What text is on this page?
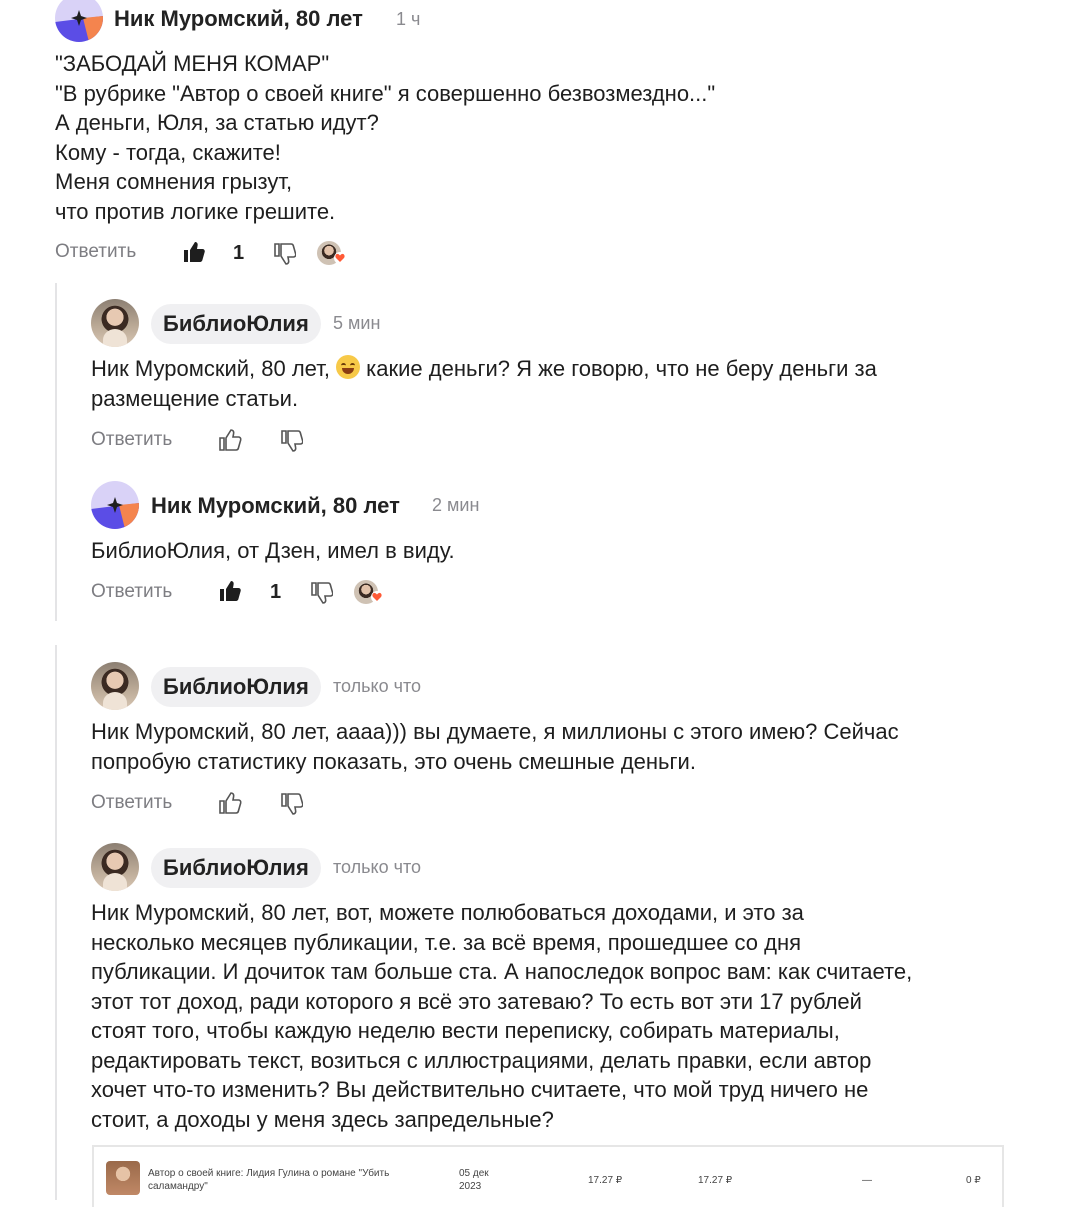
Ник Муромский, 80 лет 1 ч
"ЗАБОДАЙ МЕНЯ КОМАР"
"В рубрике "Автор о своей книге" я совершенно безвозмездно..."
А деньги, Юля, за статью идут?
Кому - тогда, скажите!
Меня сомнения грызут,
что против логике грешите.
Ответить	1
БиблиоЮлия	5 мин
Ник Муромский, 80 лет,
какие деньги? Я же говорю, что не беру деньги за
размещение статьи.
Ответить
Ник Муромский, 80 лет 2 мин
БиблиоЮлия, от Дзен, имел в виду.
Ответить	1
БиблиоЮлия	только что
Ник Муромский, 80 лет, аааа))) вы думаете, я миллионы с этого имею? Сейчас
попробую статистику показать, это очень смешные деньги.
Ответить
БиблиоЮлия	только что
Ник Муромский, 80 лет, вот, можете полюбоваться доходами, и это за
несколько месяцев публикации, т.е. за всё время, прошедшее со дня
публикации. И дочиток там больше ста. А напоследок вопрос вам: как считаете,
этот тот доход, ради которого я всё это затеваю? То есть вот эти 17 рублей
стоят того, чтобы каждую неделю вести переписку, собирать материалы,
редактировать текст, возиться с иллюстрациями, делать правки, если автор
хочет что-то изменить? Вы действительно считаете, что мой труд ничего не
стоит, а доходы у меня здесь запредельные?
Автор о своей книге: Лидия Гулина о романе "Убить
саламандру"
05 дек
2023
17.27 ₽	17.27 ₽	—	0 ₽
